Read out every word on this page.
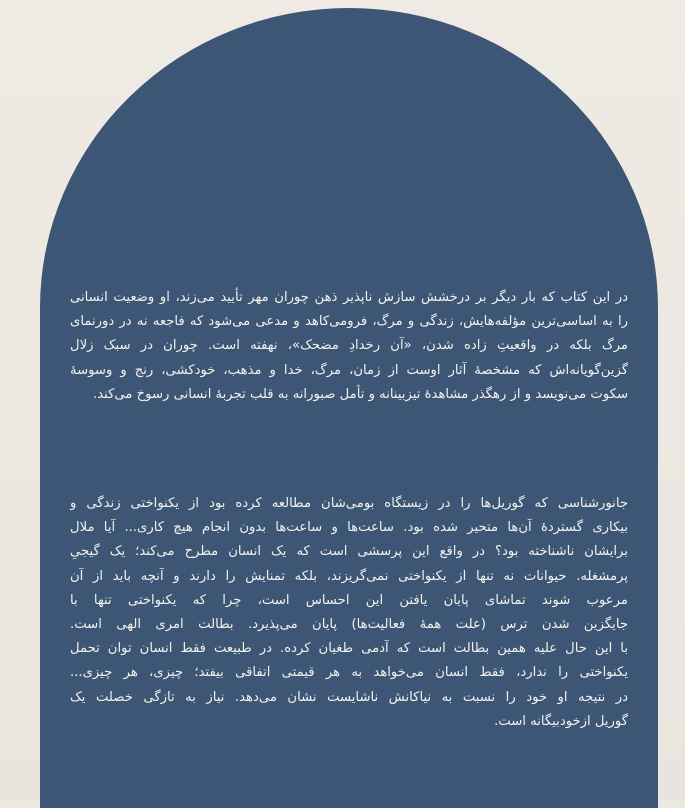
در این کتاب که بار دیگر بر درخشش سازش ناپذیر ذهن چوران مهر تأیید می‌زند، او وضعیت انسانی
را به اساسی‌ترین مؤلفه‌هایش، زندگی و مرگ، فرومی‌کاهد و مدعی می‌شود که فاجعه نه در دورنمای
مرگ بلکه در واقعیتِ زاده شدن، «آن رخدادِ مضحک»، نهفته است. چوران در سبک زلال
گزین‌گویانه‌اش که مشخصهٔ آثار اوست از زمان، مرگ، خدا و مذهب، خودکشی، رنج و وسوسهٔ
سکوت می‌نویسد و از رهگذر مشاهدهٔ تیزبینانه و تأمل صبورانه به قلب تجربهٔ انسانی رسوخ می‌کند.
جانورشناسی که گوریل‌ها را در زیستگاه بومی‌شان مطالعه کرده بود از یکنواختی زندگی و
بیکاری گستردهٔ آن‌ها متحیر شده بود. ساعت‌ها و ساعت‌ها بدون انجام هیچ کاری... آیا ملال
برایشان ناشناخته بود؟ در واقع این پرسشی است که یک انسان مطرح می‌کند؛ یک گیجیِ
پرمشغله. حیوانات نه تنها از یکنواختی نمی‌گریزند، بلکه تمنایش را دارند و آنچه باید از آن
مرعوب شوند تماشای پایان یافتن این احساس است، چرا که یکنواختی تنها با
جایگزین شدن ترس (علت همهٔ فعالیت‌ها) پایان می‌پذیرد. بطالت امری الهی است.
با این حال علیه همین بطالت است که آدمی طغیان کرده. در طبیعت فقط انسان توان تحمل
یکنواختی را ندارد، فقط انسان می‌خواهد به هر قیمتی اتفاقی بیفتد؛ چیزی، هر چیزی...
در نتیجه او خود را نسبت به نیاکانش ناشایست نشان می‌دهد. نیاز به تازگی خصلت یک
گوریل ازخودبیگانه است.
